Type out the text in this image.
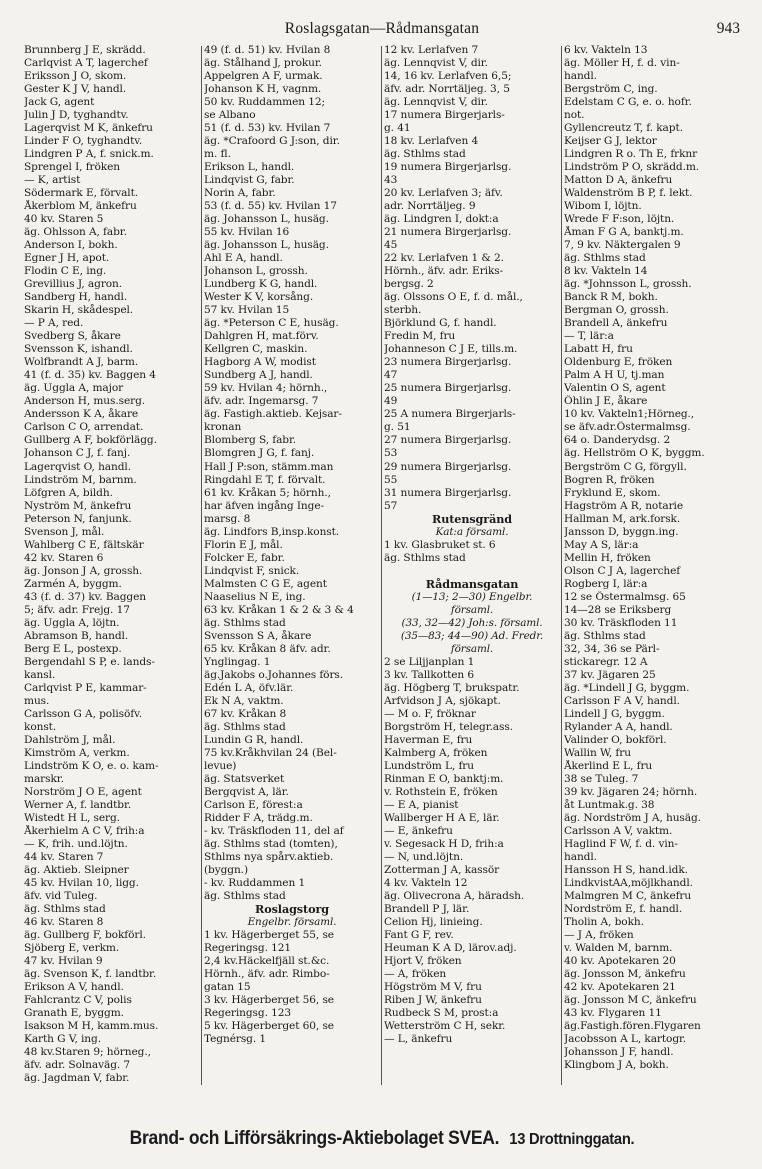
Roslagsgatan—Rådmansgatan	943
Brunnberg J E, skrädd.
Carlqvist A T, lagerchef
Eriksson J O, skom.
Gester K J V, handl.
Jack G, agent
Julin J D, tyghandtv.
Lagerqvist M K, änkefru
Linder F O, tyghandtv.
Lindgren P A, f. snick.m.
Sprengel I, fröken
— K, artist
Södermark E, förvalt.
Åkerblom M, änkefru
40 kv. Staren 5
äg. Ohlsson A, fabr.
Anderson I, bokh.
Egner J H, apot.
Flodin C E, ing.
Grevillius J, agron.
Sandberg H, handl.
Skarin H, skådespel.
— P A, red.
Svedberg S, åkare
Svensson K, ishandl.
Wolfbrandt A J, barm.
41 (f. d. 35) kv. Baggen 4
äg. Uggla A, major
Anderson H, mus.serg.
Andersson K A, åkare
Carlson C O, arrendat.
Gullberg A F, bokförlägg.
Johanson C J, f. fanj.
Lagerqvist O, handl.
Lindström M, barnm.
Löfgren A, bildh.
Nyström M, änkefru
Peterson N, fanjunk.
Svenson J, mål.
Wahlberg C E, fältskär
42 kv. Staren 6
äg. Jonson J A, grossh.
Zarmén A, byggm.
43 (f. d. 37) kv. Baggen
5; äfv. adr. Frejg. 17
äg. Uggla A, löjtn.
Abramson B, handl.
Berg E L, postexp.
Bergendahl S P, e. lands-
kansl.
Carlqvist P E, kammar-
mus.
Carlsson G A, polisöfv.
konst.
Dahlström J, mål.
Kimström A, verkm.
Lindström K O, e. o. kam-
marskr.
Norström J O E, agent
Werner A, f. landtbr.
Wistedt H L, serg.
Åkerhielm A C V, frih:a
— K, frih. und.löjtn.
44 kv. Staren 7
äg. Aktieb. Sleipner
45 kv. Hvilan 10, ligg.
äfv. vid Tuleg.
äg. Sthlms stad
46 kv. Staren 8
äg. Gullberg F, bokförl.
Sjöberg E, verkm.
47 kv. Hvilan 9
äg. Svenson K, f. landtbr.
Erikson A V, handl.
Fahlcrantz C V, polis
Granath E, byggm.
Isakson M H, kamm.mus.
Karth G V, ing.
48 kv.Staren 9; hörneg.,
äfv. adr. Solnaväg. 7
äg. Jagdman V, fabr.
49 (f. d. 51) kv. Hvilan 8
äg. Stålhand J, prokur.
Appelgren A F, urmak.
Johanson K H, vagnm.
50 kv. Ruddammen 12;
se Albano
51 (f. d. 53) kv. Hvilan 7
äg. *Crafoord G J:son, dir.
m. fl.
Erikson L, handl.
Lindqvist G, fabr.
Norin A, fabr.
53 (f. d. 55) kv. Hvilan 17
äg. Johansson L, husäg.
55 kv. Hvilan 16
äg. Johansson L, husäg.
Ahl E A, handl.
Johanson L, grossh.
Lundberg K G, handl.
Wester K V, korsång.
57 kv. Hvilan 15
äg. *Peterson C E, husäg.
Dahlgren H, mat.förv.
Kellgren C, maskin.
Hagborg A W, modist
Sundberg A J, handl.
59 kv. Hvilan 4; hörnh.,
äfv. adr. Ingemarsg. 7
äg. Fastigh.aktieb. Kejsar-
kronan
Blomberg S, fabr.
Blomgren J G, f. fanj.
Hall J P:son, stämm.man
Ringdahl E T, f. förvalt.
61 kv. Kråkan 5; hörnh.,
har äfven ingång Inge-
marsg. 8
äg. Lindfors B,insp.konst.
Florin E J, mål.
Folcker E, fabr.
Lindqvist F, snick.
Malmsten C G E, agent
Naaselius N E, ing.
63 kv. Kråkan 1 & 2 & 3 & 4
äg. Sthlms stad
Svensson S A, åkare
65 kv. Kråkan 8 äfv. adr.
Ynglingag. 1
äg.Jakobs o.Johannes förs.
Edén L A, öfv.lär.
Ek N A, vaktm.
67 kv. Kråkan 8
äg. Sthlms stad
Lundin G R, handl.
75 kv.Kråkhvilan 24 (Bel-
levue)
äg. Statsverket
Bergqvist A, lär.
Carlson E, förest:a
Ridder F A, trädg.m.
- kv. Träskfloden 11, del af
äg. Sthlms stad (tomten),
Sthlms nya spårv.aktieb.
(byggn.)
- kv. Ruddammen 1
äg. Sthlms stad
Roslagstorg
Engelbr. församl.
1 kv. Hägerberget 55, se
Regeringsg. 121
2,4 kv.Häckelfjäll st.&c.
Hörnh., äfv. adr. Rimbo-
gatan 15
3 kv. Hägerberget 56, se
Regeringsg. 123
5 kv. Hägerberget 60, se
Tegnérsg. 1
12 kv. Lerlafven 7
äg. Lennqvist V, dir.
14, 16 kv. Lerlafven 6,5;
äfv. adr. Norrtäljeg. 3, 5
äg. Lennqvist V, dir.
17 numera Birgerjarls-
g. 41
18 kv. Lerlafven 4
äg. Sthlms stad
19 numera Birgerjarlsg.
43
20 kv. Lerlafven 3; äfv.
adr. Norrtäljeg. 9
äg. Lindgren I, dokt:a
21 numera Birgerjarlsg.
45
22 kv. Lerlafven 1 & 2.
Hörnh., äfv. adr. Eriks-
bergsg. 2
äg. Olssons O E, f. d. mål.,
sterbh.
Björklund G, f. handl.
Fredin M, fru
Johanneson C J E, tills.m.
23 numera Birgerjarlsg.
47
25 numera Birgerjarlsg.
49
25 A numera Birgerjarls-
g. 51
27 numera Birgerjarlsg.
53
29 numera Birgerjarlsg.
55
31 numera Birgerjarlsg.
57
Rutensgränd
Kat:a församl.
1 kv. Glasbruket st. 6
äg. Sthlms stad

Rådmansgatan
(1—13; 2—30) Engelbr.
församl.
(33, 32—42) Joh:s. församl.
(35—83; 44—90) Ad. Fredr.
församl.
2 se Liljjanplan 1
3 kv. Tallkotten 6
äg. Högberg T, brukspatr.
Arfvidson J A, sjökapt.
— M o. F, fröknar
Borgström H, telegr.ass.
Haverman E, fru
Kalmberg A, fröken
Lundström L, fru
Rinman E O, banktj:m.
v. Rothstein E, fröken
— E A, pianist
Wallberger H A E, lär.
— E, änkefru
v. Segesack H D, frih:a
— N, und.löjtn.
Zotterman J A, kassör
4 kv. Vakteln 12
äg. Olivecrona A, häradsh.
Brandell P J, lär.
Celion Hj, linieing.
Fant G F, rev.
Heuman K A D, lärov.adj.
Hjort V, fröken
— A, fröken
Högström M V, fru
Riben J W, änkefru
Rudbeck S M, prost:a
Wetterström C H, sekr.
— L, änkefru
6 kv. Vakteln 13
äg. Möller H, f. d. vin-
handl.
Bergström C, ing.
Edelstam C G, e. o. hofr.
not.
Gyllencreutz T, f. kapt.
Keijser G J, lektor
Lindgren R o. Th E, frknr
Lindström P O, skrädd.m.
Matton D A, änkefru
Waldenström B P, f. lekt.
Wibom I, löjtn.
Wrede F F:son, löjtn.
Åman F G A, banktj.m.
7, 9 kv. Näktergalen 9
äg. Sthlms stad
8 kv. Vakteln 14
äg. *Johnsson L, grossh.
Banck R M, bokh.
Bergman O, grossh.
Brandell A, änkefru
— T, lär:a
Labatt H, fru
Oldenburg E, fröken
Palm A H U, tj.man
Valentin O S, agent
Öhlin J E, åkare
10 kv. Vakteln1;Hörneg.,
se äfv.adr.Östermalmsg.
64 o. Danderydsg. 2
äg. Hellström O K, byggm.
Bergström C G, förgyll.
Bogren R, fröken
Fryklund E, skom.
Hagström A R, notarie
Hallman M, ark.forsk.
Jansson D, byggn.ing.
May A S, lär:a
Mellin H, fröken
Olson C J A, lagerchef
Rogberg I, lär:a
12 se Östermalmsg. 65
14—28 se Eriksberg
30 kv. Träskfloden 11
äg. Sthlms stad
32, 34, 36 se Pärl-
stickaregr. 12 A
37 kv. Jägaren 25
äg. *Lindell J G, byggm.
Carlsson F A V, handl.
Lindell J G, byggm.
Rylander A A, handl.
Valinder O, bokförl.
Wallin W, fru
Åkerlind E L, fru
38 se Tuleg. 7
39 kv. Jägaren 24; hörnh.
åt Luntmak.g. 38
äg. Nordström J A, husäg.
Carlsson A V, vaktm.
Haglind F W, f. d. vin-
handl.
Hansson H S, hand.idk.
LindkvistAA,möjlkhandl.
Malmgren M C, änkefru
Nordström E, f. handl.
Tholin A, bokh.
— J A, fröken
v. Walden M, barnm.
40 kv. Apotekaren 20
äg. Jonsson M, änkefru
42 kv. Apotekaren 21
äg. Jonsson M C, änkefru
43 kv. Flygaren 11
äg.Fastigh.fören.Flygaren
Jacobsson A L, kartogr.
Johansson J F, handl.
Klingbom J A, bokh.
Brand- och Lifförsäkrings-Aktiebolaget SVEA. 13 Drottninggatan.
